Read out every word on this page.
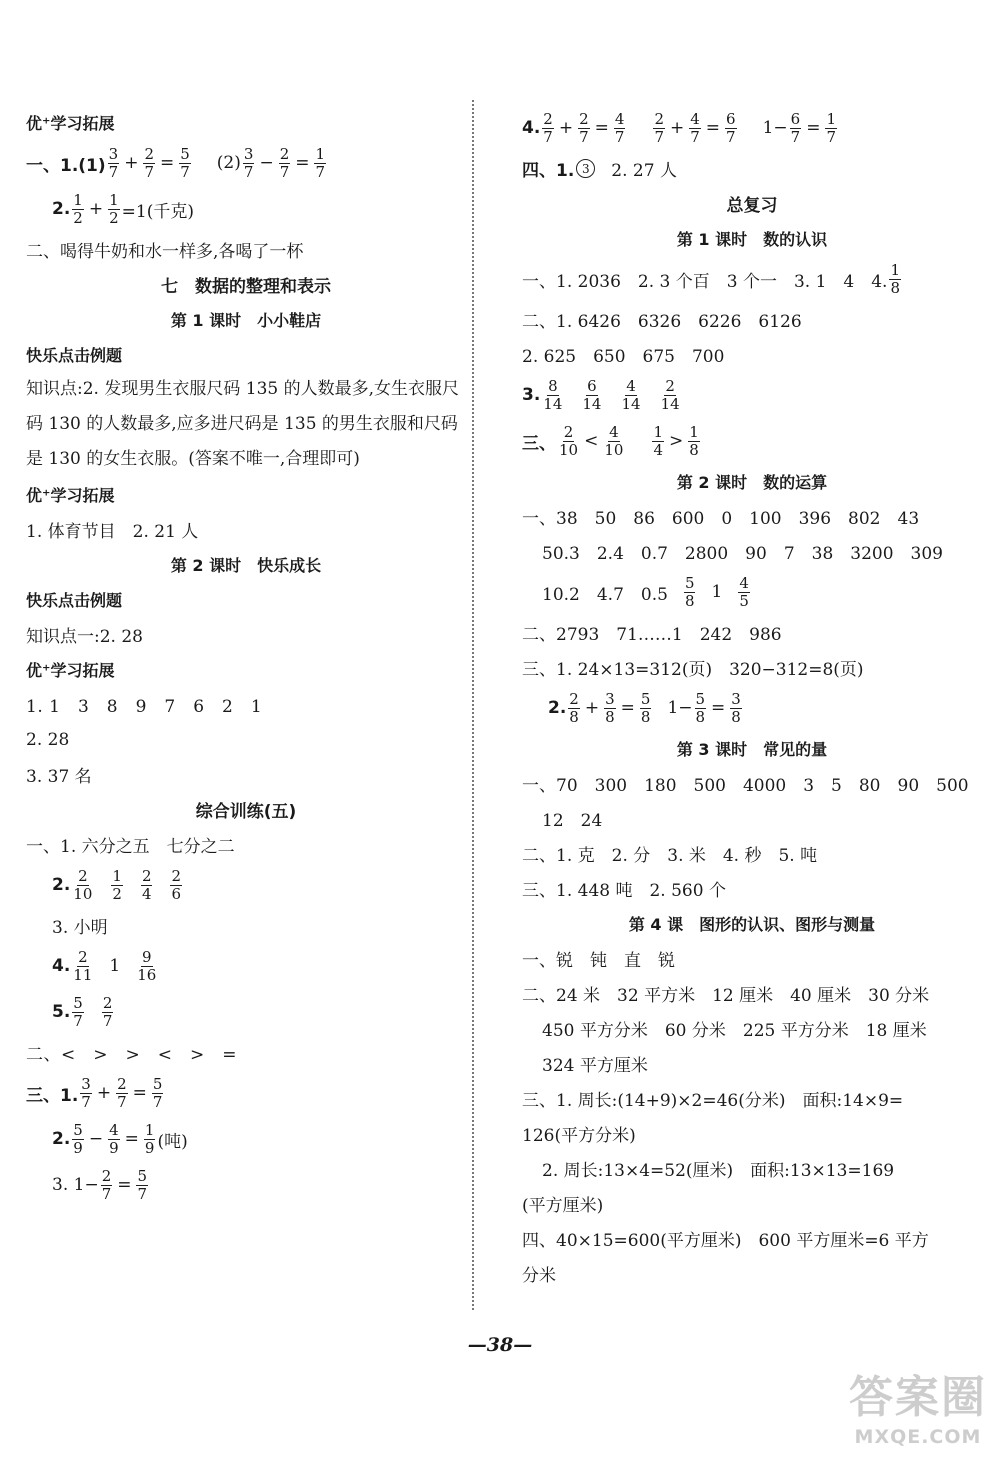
优⁺学习拓展
一、$1.(1) \frac{3}{7} + \frac{2}{7} = \frac{5}{7} (2) \frac{3}{7} - \frac{2}{7} = \frac{1}{7}$
2. $\frac{1}{2} + \frac{1}{2} =1$(千克)
二、喝得牛奶和水一样多,各喝了一杯
七　数据的整理和表示
第 1 课时　小小鞋店
快乐点击例题
知识点:2. 发现男生衣服尺码 135 的人数最多,女生衣服尺码 130 的人数最多,应多进尺码是 135 的男生衣服和尺码是 130 的女生衣服。(答案不唯一,合理即可)
优⁺学习拓展
1. 体育节目　2. 21 人
第 2 课时　快乐成长
快乐点击例题
知识点一:2. 28
优⁺学习拓展
1. 1　3　8　9　7　6　2　1
2. 28
3. 37 名
综合训练(五)
一、1. 六分之五　七分之二
2. $\frac{2}{10} \frac{1}{2} \frac{2}{4} \frac{2}{6}$
3. 小明
4. $\frac{2}{11} 1 \frac{9}{16}$
5. $\frac{5}{7} \frac{2}{7}$
二、<　>　>　<　>　=
三、1. $\frac{3}{7} + \frac{2}{7} = \frac{5}{7}$
2. $\frac{5}{9} - \frac{4}{9} = \frac{1}{9}$ (吨)
3. $1- \frac{2}{7} = \frac{5}{7}$
4. $\frac{2}{7} + \frac{2}{7} = \frac{4}{7} \frac{2}{7} + \frac{4}{7} = \frac{6}{7} 1- \frac{6}{7} = \frac{1}{7}$
四、1. 3	2. 27 人
总复习
第 1 课时　数的认识
一、1. 2036　2. 3 个百　3 个一　3. 1　4　4. $\frac{1}{8}$
二、1. 6426　6326　6226　6126
2. 625　650　675　700
3. $\frac{8}{14} \frac{6}{14} \frac{4}{14} \frac{2}{14}$
三、 $\frac{2}{10} < \frac{4}{10} \frac{1}{4} > \frac{1}{8}$
第 2 课时　数的运算
一、38　50　86　600　0　100　396　802　43
50.3　2.4　0.7　2800　90　7　38　3200　309
10.2　4.7　$0.5 \frac{5}{8} 1 \frac{4}{5}$
二、2793　71……1　242　986
三、1. 24×13=312(页)　320−312=8(页)
2. $\frac{2}{8} + \frac{3}{8} = \frac{5}{8} 1- \frac{5}{8} = \frac{3}{8}$
第 3 课时　常见的量
一、70　300　180　500　4000　3　5　80　90　500
12　24
二、1. 克　2. 分　3. 米　4. 秒　5. 吨
三、1. 448 吨　2. 560 个
第 4 课　图形的认识、图形与测量
一、锐　钝　直　锐
二、24 米　32 平方米　12 厘米　40 厘米　30 分米
450 平方分米　60 分米　225 平方分米　18 厘米
324 平方厘米
三、1. 周长:(14+9)×2=46(分米)　面积:14×9=
126(平方分米)
2. 周长:13×4=52(厘米)　面积:13×13=169
(平方厘米)
四、40×15=600(平方厘米)　600 平方厘米=6 平方
分米
—38—
答案圈
MXQE.COM
